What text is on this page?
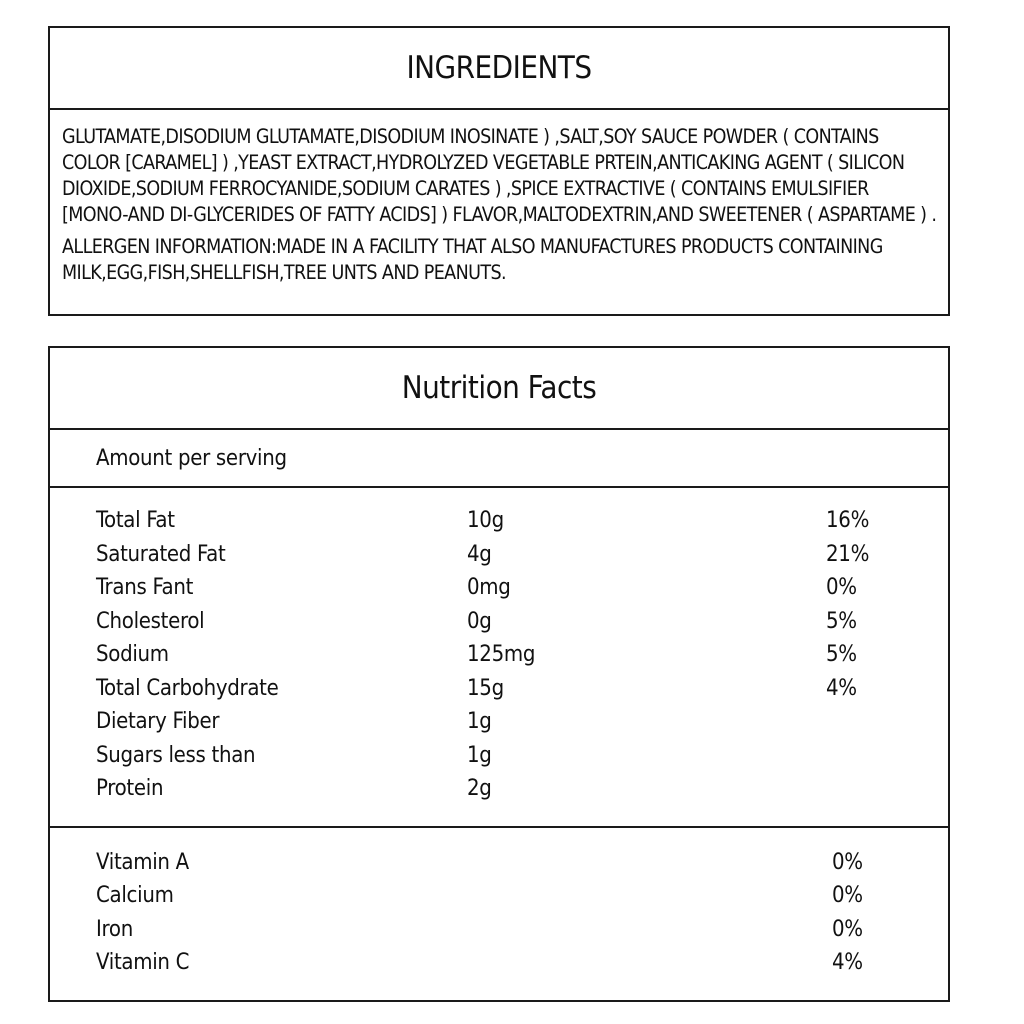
INGREDIENTS

GLUTAMATE,DISODIUM GLUTAMATE,DISODIUM INOSINATE ) ,SALT,SOY SAUCE POWDER ( CONTAINS COLOR [CARAMEL] ) ,YEAST EXTRACT,HYDROLYZED VEGETABLE PRTEIN,ANTICAKING AGENT ( SILICON DIOXIDE,SODIUM FERROCYANIDE,SODIUM CARATES ) ,SPICE EXTRACTIVE ( CONTAINS EMULSIFIER [MONO-AND DI-GLYCERIDES OF FATTY ACIDS] ) FLAVOR,MALTODEXTRIN,AND SWEETENER ( ASPARTAME ) .

ALLERGEN INFORMATION:MADE IN A FACILITY THAT ALSO MANUFACTURES PRODUCTS CONTAINING MILK,EGG,FISH,SHELLFISH,TREE UNTS AND PEANUTS.

Nutrition Facts
Amount per serving
Total Fat	10g	16%
Saturated Fat	4g	21%
Trans Fant	0mg	0%
Cholesterol	0g	5%
Sodium	125mg	5%
Total Carbohydrate	15g	4%
Dietary Fiber	1g
Sugars less than	1g
Protein	2g
Vitamin A	0%
Calcium	0%
Iron	0%
Vitamin C	4%
